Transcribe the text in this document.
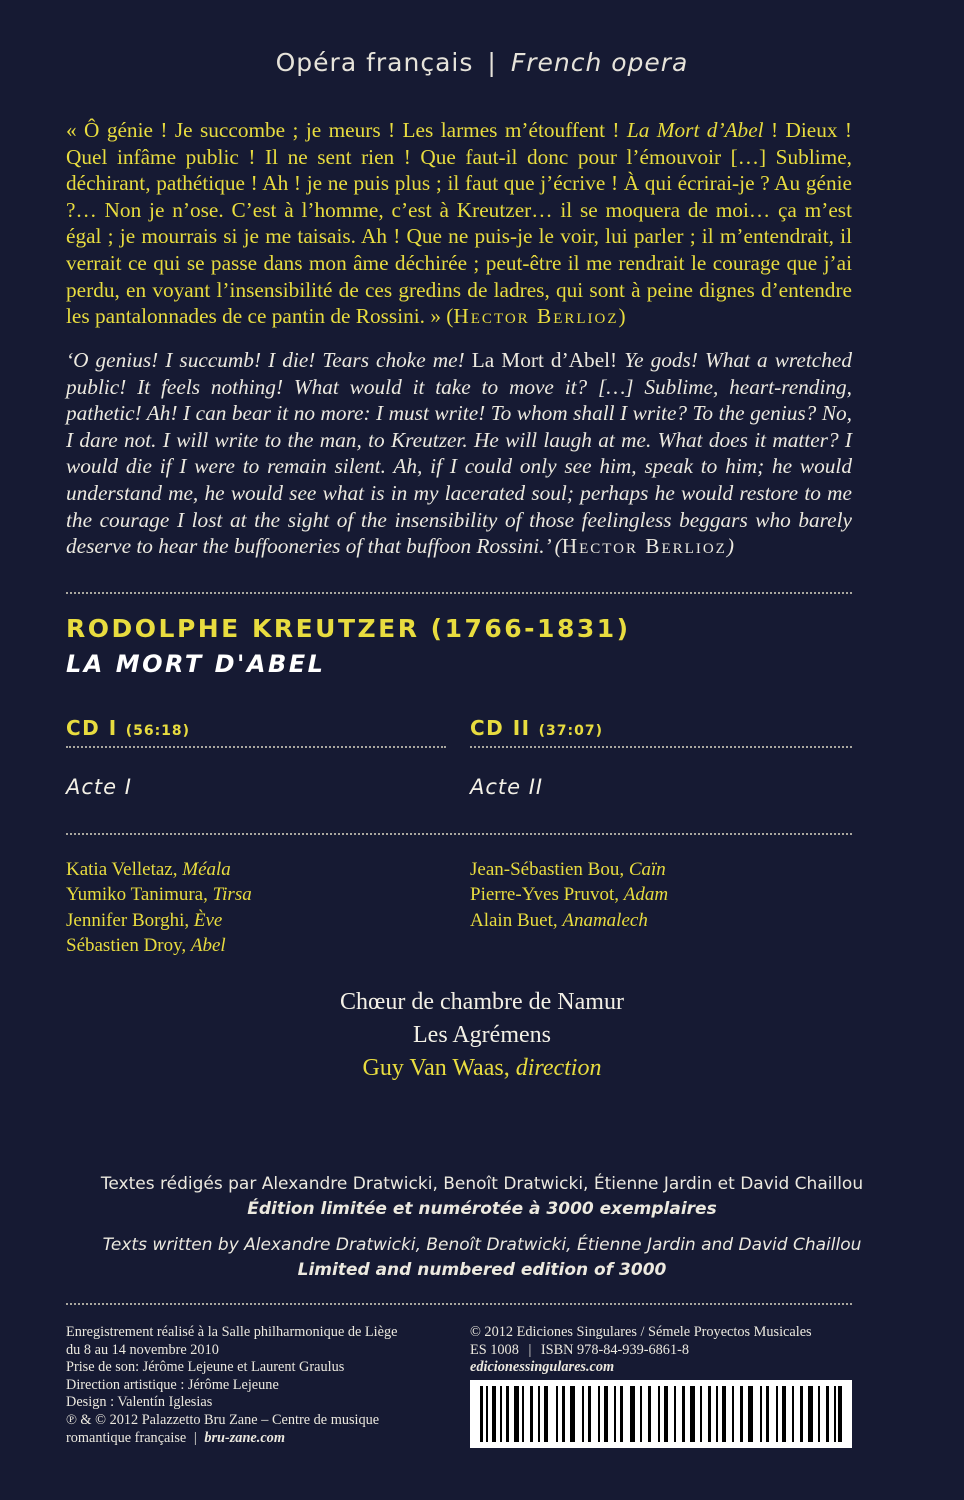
Opéra français | French opera
« Ô génie ! Je succombe ; je meurs ! Les larmes m’étouffent ! La Mort d’Abel ! Dieux ! Quel infâme public ! Il ne sent rien ! Que faut-il donc pour l’émouvoir […] Sublime, déchirant, pathétique ! Ah ! je ne puis plus ; il faut que j’écrive ! À qui écrirai-je ? Au génie ?… Non je n’ose. C’est à l’homme, c’est à Kreutzer… il se moquera de moi… ça m’est égal ; je mourrais si je me taisais. Ah ! Que ne puis-je le voir, lui parler ; il m’entendrait, il verrait ce qui se passe dans mon âme déchirée ; peut-être il me rendrait le courage que j’ai perdu, en voyant l’insensibilité de ces gredins de ladres, qui sont à peine dignes d’entendre les pantalonnades de ce pantin de Rossini. » (Hector Berlioz)
‘O genius! I succumb! I die! Tears choke me! La Mort d’Abel! Ye gods! What a wretched public! It feels nothing! What would it take to move it? […] Sublime, heart-rending, pathetic! Ah! I can bear it no more: I must write! To whom shall I write? To the genius? No, I dare not. I will write to the man, to Kreutzer. He will laugh at me. What does it matter? I would die if I were to remain silent. Ah, if I could only see him, speak to him; he would understand me, he would see what is in my lacerated soul; perhaps he would restore to me the courage I lost at the sight of the insensibility of those feelingless beggars who barely deserve to hear the buffooneries of that buffoon Rossini.’ (Hector Berlioz)
RODOLPHE KREUTZER (1766-1831)
LA MORT D'ABEL
CD I (56:18)	CD II (37:07)
Acte I	Acte II
Katia Velletaz, Méala
Yumiko Tanimura, Tirsa
Jennifer Borghi, Ève
Sébastien Droy, Abel
Jean-Sébastien Bou, Caïn
Pierre-Yves Pruvot, Adam
Alain Buet, Anamalech
Chœur de chambre de Namur
Les Agrémens
Guy Van Waas, direction
Textes rédigés par Alexandre Dratwicki, Benoît Dratwicki, Étienne Jardin et David Chaillou
Édition limitée et numérotée à 3000 exemplaires
Texts written by Alexandre Dratwicki, Benoît Dratwicki, Étienne Jardin and David Chaillou
Limited and numbered edition of 3000
Enregistrement réalisé à la Salle philharmonique de Liège
du 8 au 14 novembre 2010
Prise de son: Jérôme Lejeune et Laurent Graulus
Direction artistique : Jérôme Lejeune
Design : Valentín Iglesias
℗ & © 2012 Palazzetto Bru Zane – Centre de musique
romantique française | bru-zane.com
© 2012 Ediciones Singulares / Sémele Proyectos Musicales
ES 1008 | ISBN 978-84-939-6861-8
edicionessingulares.com
